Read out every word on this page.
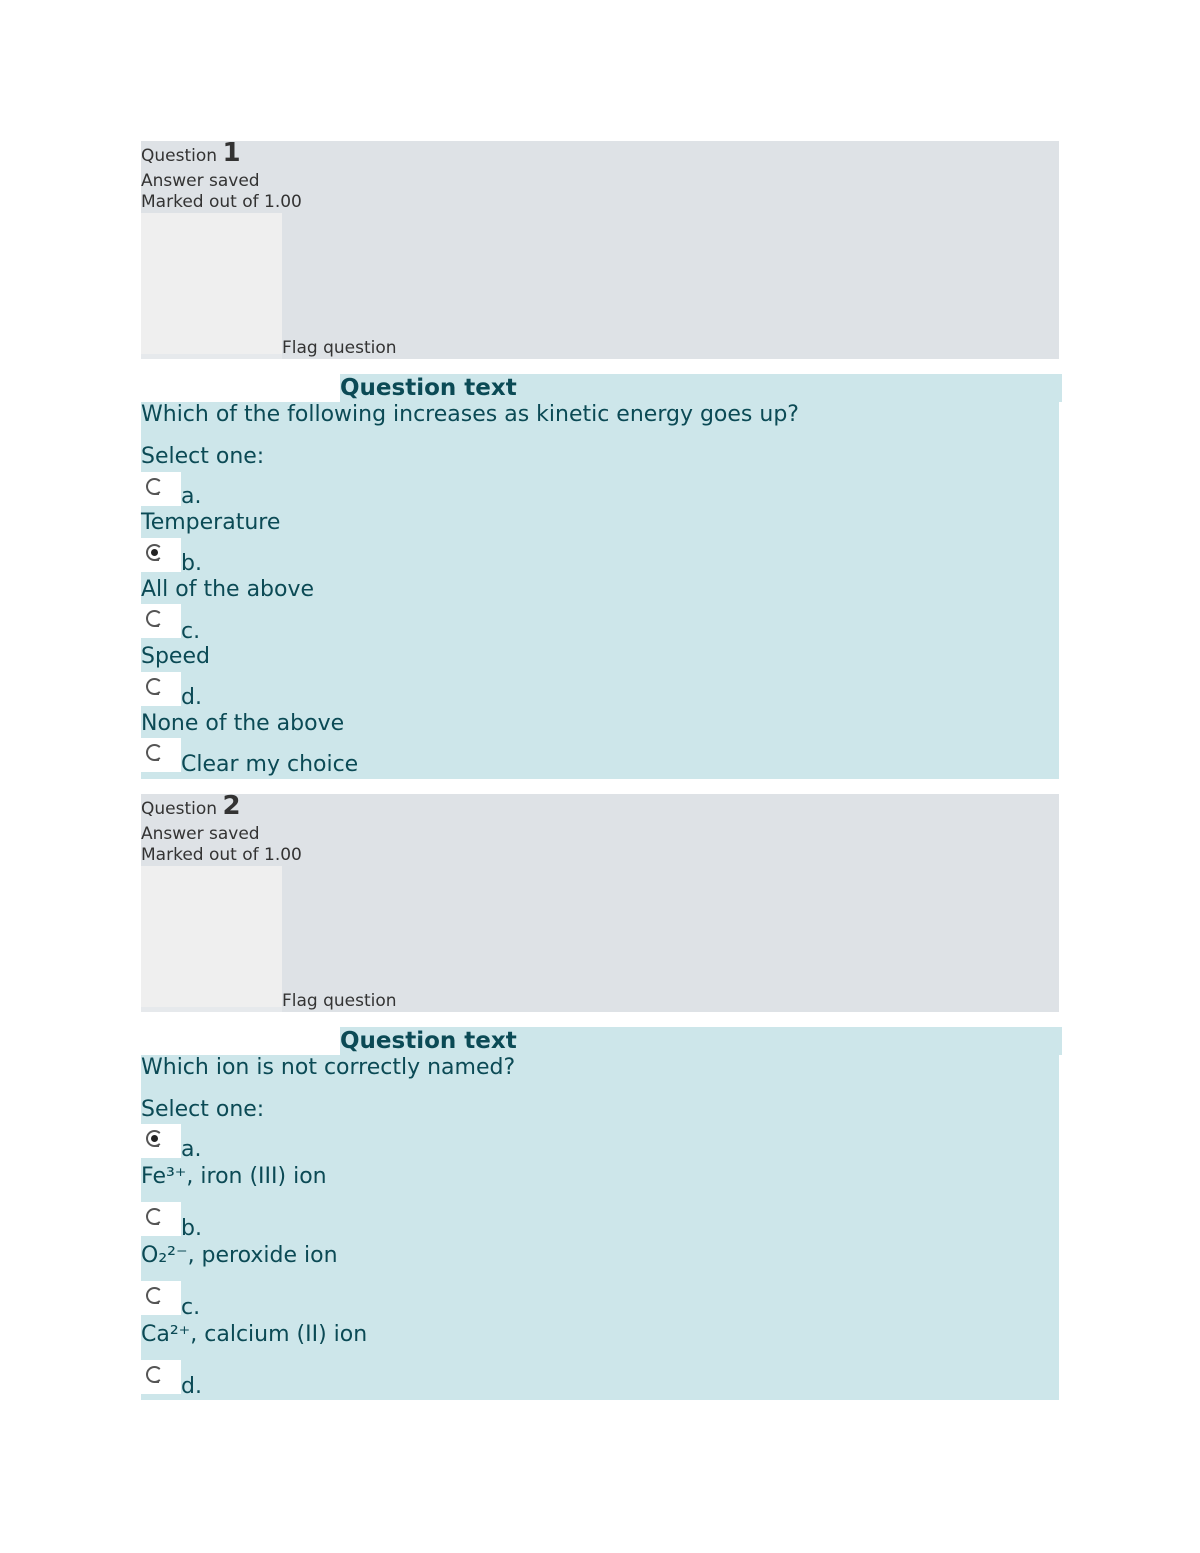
Question 1
Answer saved
Marked out of 1.00
Flag question
Question text
Which of the following increases as kinetic energy goes up?
Select one:
a.
Temperature
b.
All of the above
c.
Speed
d.
None of the above
Clear my choice
Question 2
Answer saved
Marked out of 1.00
Flag question
Question text
Which ion is not correctly named?
Select one:
a.
Fe³⁺, iron (III) ion
b.
O₂²⁻, peroxide ion
c.
Ca²⁺, calcium (II) ion
d.
